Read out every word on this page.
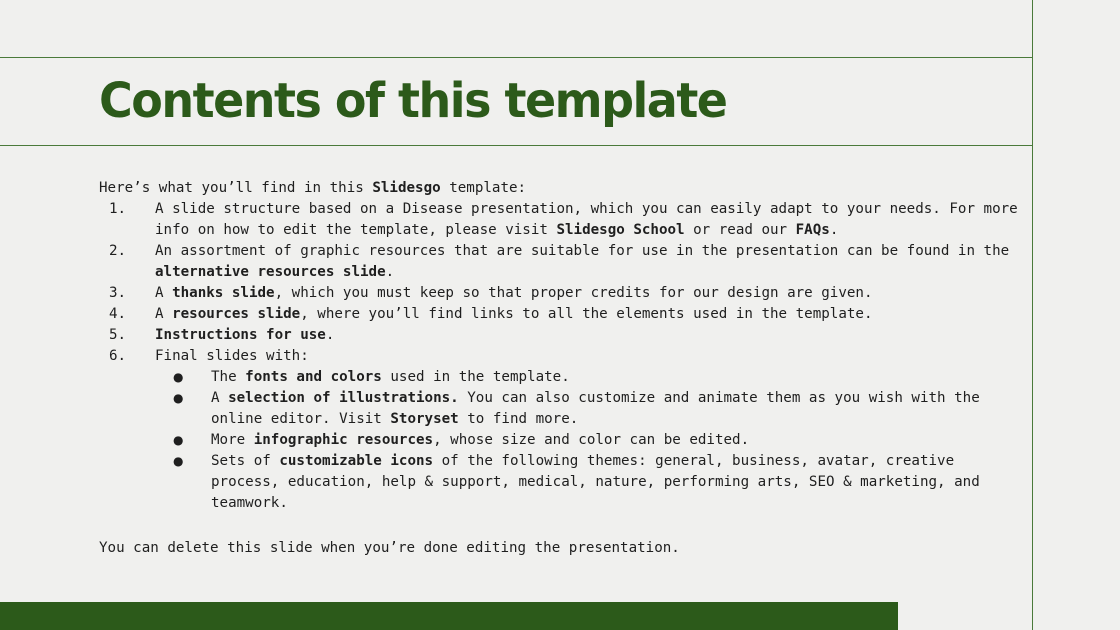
Contents of this template

Here’s what you’ll find in this Slidesgo template:

1. A slide structure based on a Disease presentation, which you can easily adapt to your needs. For more info on how to edit the template, please visit Slidesgo School or read our FAQs.
2. An assortment of graphic resources that are suitable for use in the presentation can be found in the alternative resources slide.
3. A thanks slide, which you must keep so that proper credits for our design are given.
4. A resources slide, where you’ll find links to all the elements used in the template.
5. Instructions for use.
6. Final slides with:
● The fonts and colors used in the template.
● A selection of illustrations. You can also customize and animate them as you wish with the online editor. Visit Storyset to find more.
● More infographic resources, whose size and color can be edited.
● Sets of customizable icons of the following themes: general, business, avatar, creative process, education, help & support, medical, nature, performing arts, SEO & marketing, and teamwork.

You can delete this slide when you’re done editing the presentation.
